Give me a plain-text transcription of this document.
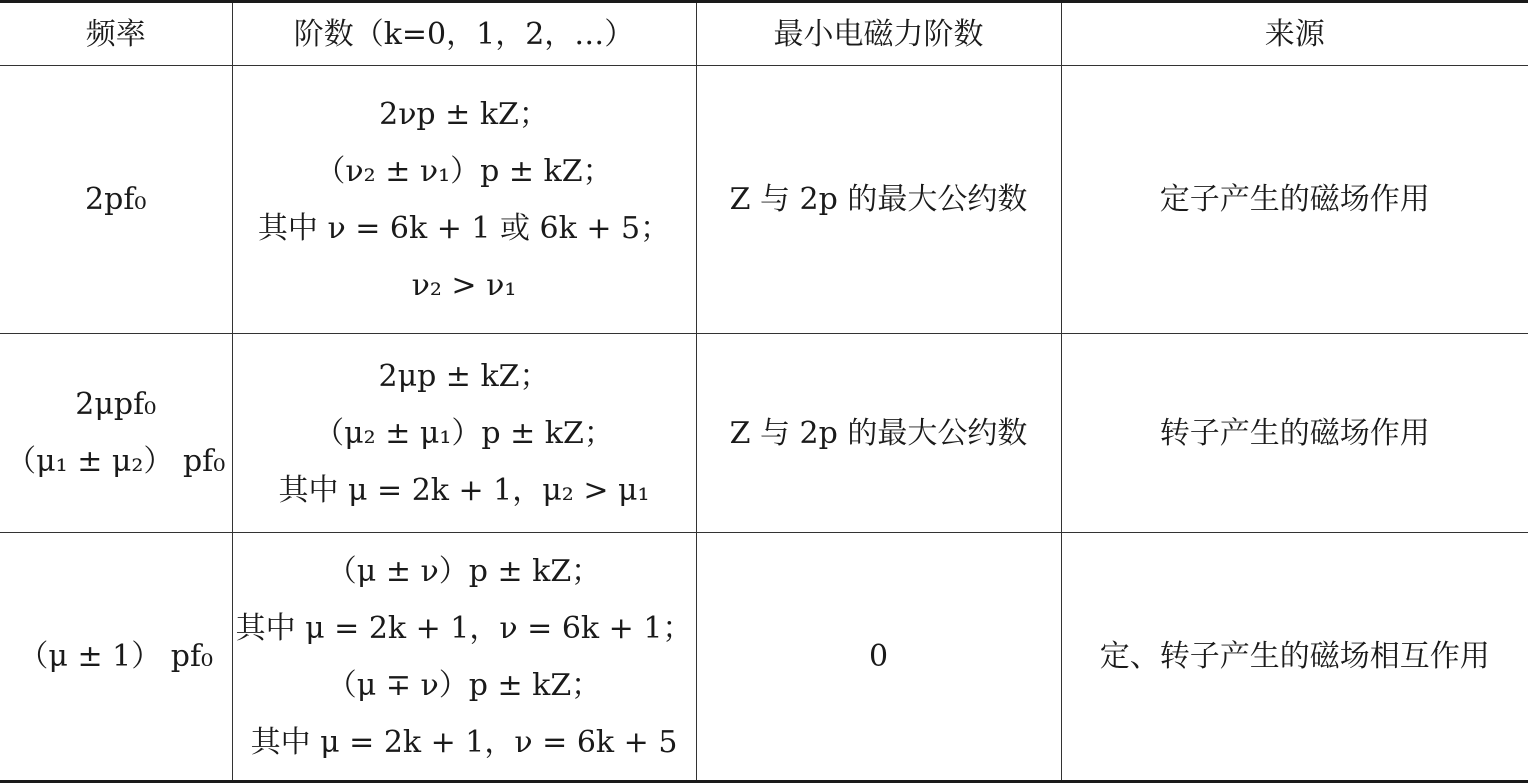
频率	阶数（k=0，1，2，…）	最小电磁力阶数	来源

2pf₀	2νp ± kZ；
（ν₂ ± ν₁）p ± kZ；
其中 ν = 6k + 1 或 6k + 5；
ν₂ > ν₁	Z 与 2p 的最大公约数	定子产生的磁场作用

2μpf₀
（μ₁ ± μ₂） pf₀	2μp ± kZ；
（μ₂ ± μ₁）p ± kZ；
其中 μ = 2k + 1，μ₂ > μ₁	Z 与 2p 的最大公约数	转子产生的磁场作用

（μ ± 1） pf₀	（μ ± ν）p ± kZ；
其中 μ = 2k + 1，ν = 6k + 1；
（μ ∓ ν）p ± kZ；
其中 μ = 2k + 1，ν = 6k + 5	0	定、转子产生的磁场相互作用
